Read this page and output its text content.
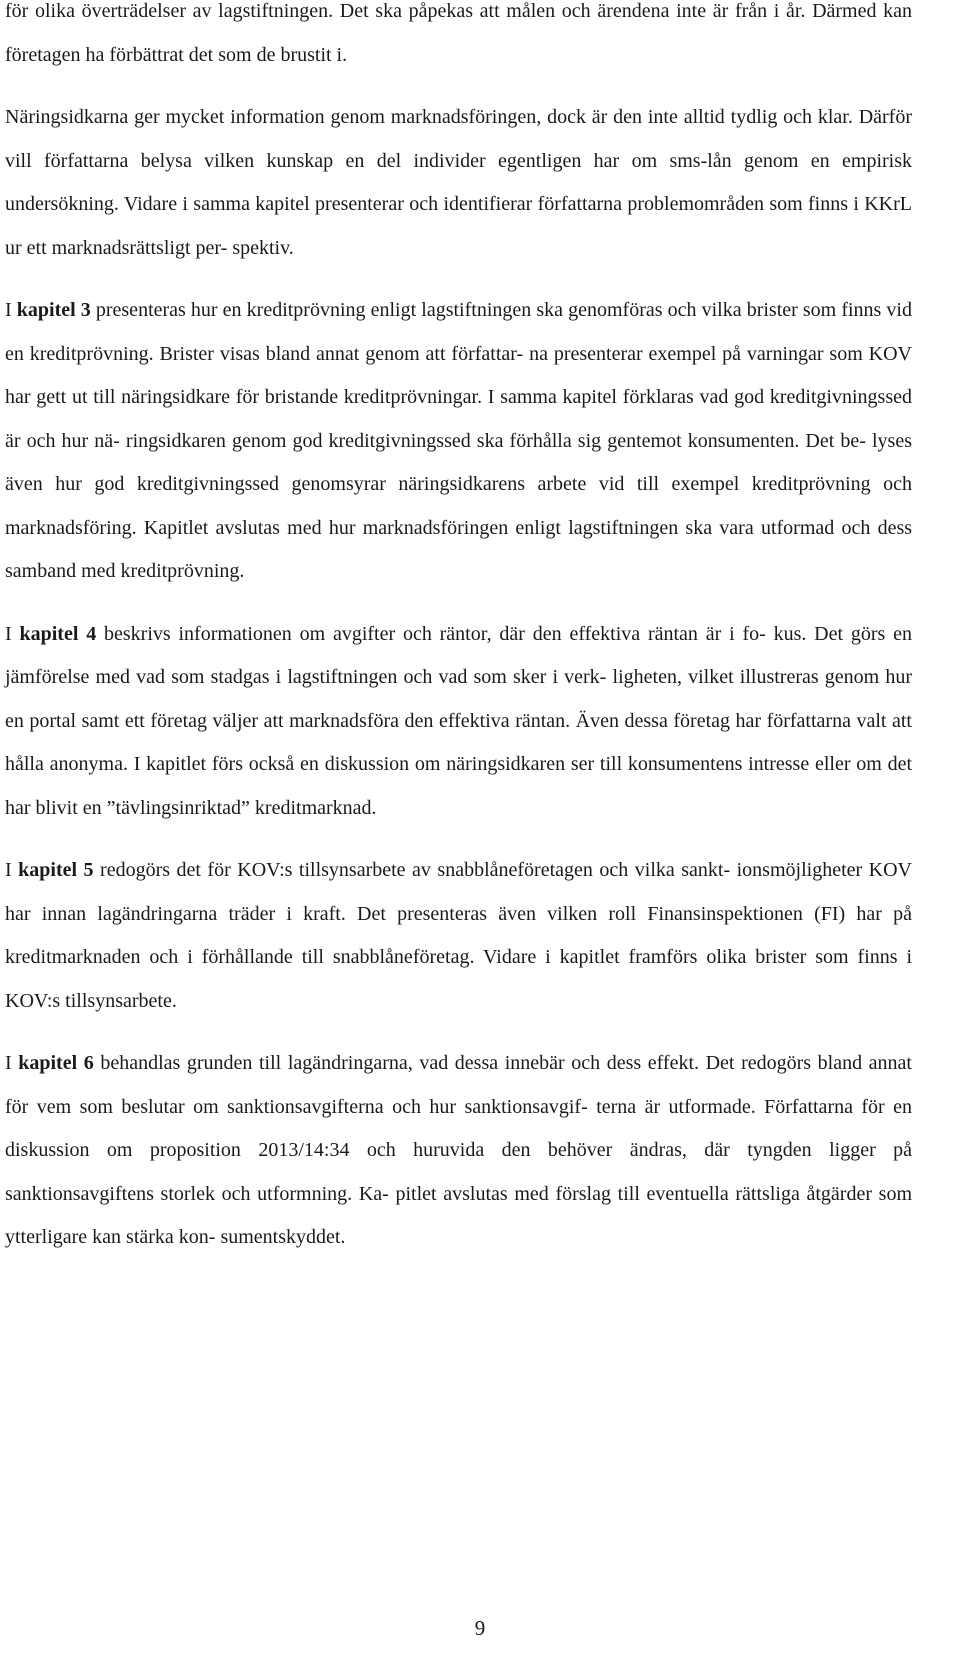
för olika överträdelser av lagstiftningen. Det ska påpekas att målen och ärendena inte är från i år. Därmed kan företagen ha förbättrat det som de brustit i.

Näringsidkarna ger mycket information genom marknadsföringen, dock är den inte alltid tydlig och klar. Därför vill författarna belysa vilken kunskap en del individer egentligen har om sms-lån genom en empirisk undersökning. Vidare i samma kapitel presenterar och identifierar författarna problemområden som finns i KKrL ur ett marknadsrättsligt per- spektiv.

I kapitel 3 presenteras hur en kreditprövning enligt lagstiftningen ska genomföras och vilka brister som finns vid en kreditprövning. Brister visas bland annat genom att författar- na presenterar exempel på varningar som KOV har gett ut till näringsidkare för bristande kreditprövningar. I samma kapitel förklaras vad god kreditgivningssed är och hur nä- ringsidkaren genom god kreditgivningssed ska förhålla sig gentemot konsumenten. Det be- lyses även hur god kreditgivningssed genomsyrar näringsidkarens arbete vid till exempel kreditprövning och marknadsföring. Kapitlet avslutas med hur marknadsföringen enligt lagstiftningen ska vara utformad och dess samband med kreditprövning.

I kapitel 4 beskrivs informationen om avgifter och räntor, där den effektiva räntan är i fo- kus. Det görs en jämförelse med vad som stadgas i lagstiftningen och vad som sker i verk- ligheten, vilket illustreras genom hur en portal samt ett företag väljer att marknadsföra den effektiva räntan. Även dessa företag har författarna valt att hålla anonyma. I kapitlet förs också en diskussion om näringsidkaren ser till konsumentens intresse eller om det har blivit en ”tävlingsinriktad” kreditmarknad.

I kapitel 5 redogörs det för KOV:s tillsynsarbete av snabblåneföretagen och vilka sankt- ionsmöjligheter KOV har innan lagändringarna träder i kraft. Det presenteras även vilken roll Finansinspektionen (FI) har på kreditmarknaden och i förhållande till snabblåneföretag. Vidare i kapitlet framförs olika brister som finns i KOV:s tillsynsarbete.

I kapitel 6 behandlas grunden till lagändringarna, vad dessa innebär och dess effekt. Det redogörs bland annat för vem som beslutar om sanktionsavgifterna och hur sanktionsavgif- terna är utformade. Författarna för en diskussion om proposition 2013/14:34 och huruvida den behöver ändras, där tyngden ligger på sanktionsavgiftens storlek och utformning. Ka- pitlet avslutas med förslag till eventuella rättsliga åtgärder som ytterligare kan stärka kon- sumentskyddet.

9
